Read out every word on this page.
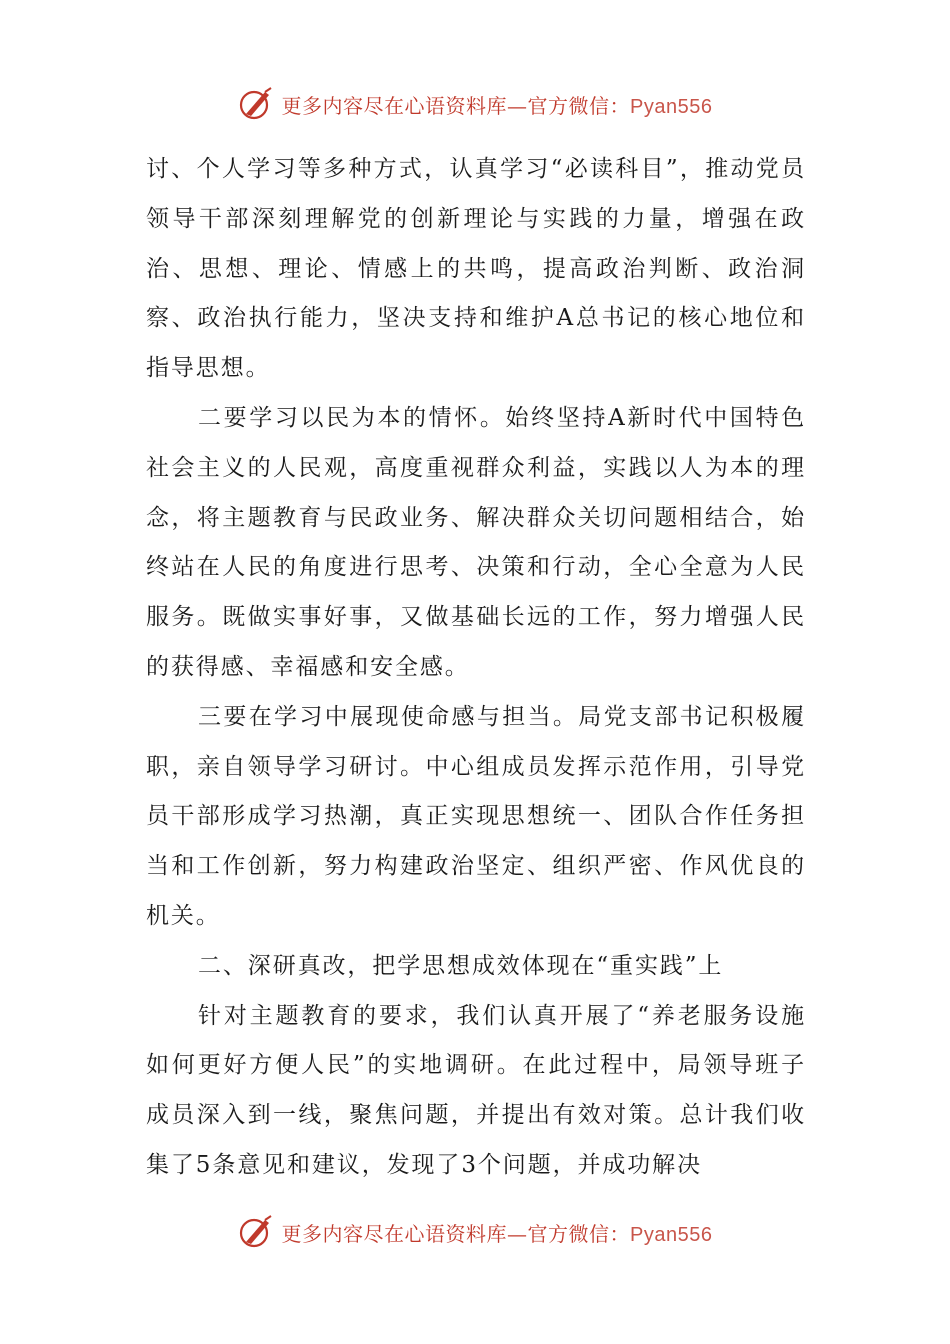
更多内容尽在心语资料库—官方微信：Pyan556

讨、个人学习等多种方式，认真学习“必读科目”，推动党员领导干部深刻理解党的创新理论与实践的力量，增强在政治、思想、理论、情感上的共鸣，提高政治判断、政治洞察、政治执行能力，坚决支持和维护A总书记的核心地位和指导思想。

二要学习以民为本的情怀。始终坚持A新时代中国特色社会主义的人民观，高度重视群众利益，实践以人为本的理念，将主题教育与民政业务、解决群众关切问题相结合，始终站在人民的角度进行思考、决策和行动，全心全意为人民服务。既做实事好事，又做基础长远的工作，努力增强人民的获得感、幸福感和安全感。

三要在学习中展现使命感与担当。局党支部书记积极履职，亲自领导学习研讨。中心组成员发挥示范作用，引导党员干部形成学习热潮，真正实现思想统一、团队合作任务担当和工作创新，努力构建政治坚定、组织严密、作风优良的机关。

二、深研真改，把学思想成效体现在“重实践”上

针对主题教育的要求，我们认真开展了“养老服务设施如何更好方便人民”的实地调研。在此过程中，局领导班子成员深入到一线，聚焦问题，并提出有效对策。总计我们收集了5条意见和建议，发现了3个问题，并成功解决

更多内容尽在心语资料库—官方微信：Pyan556
